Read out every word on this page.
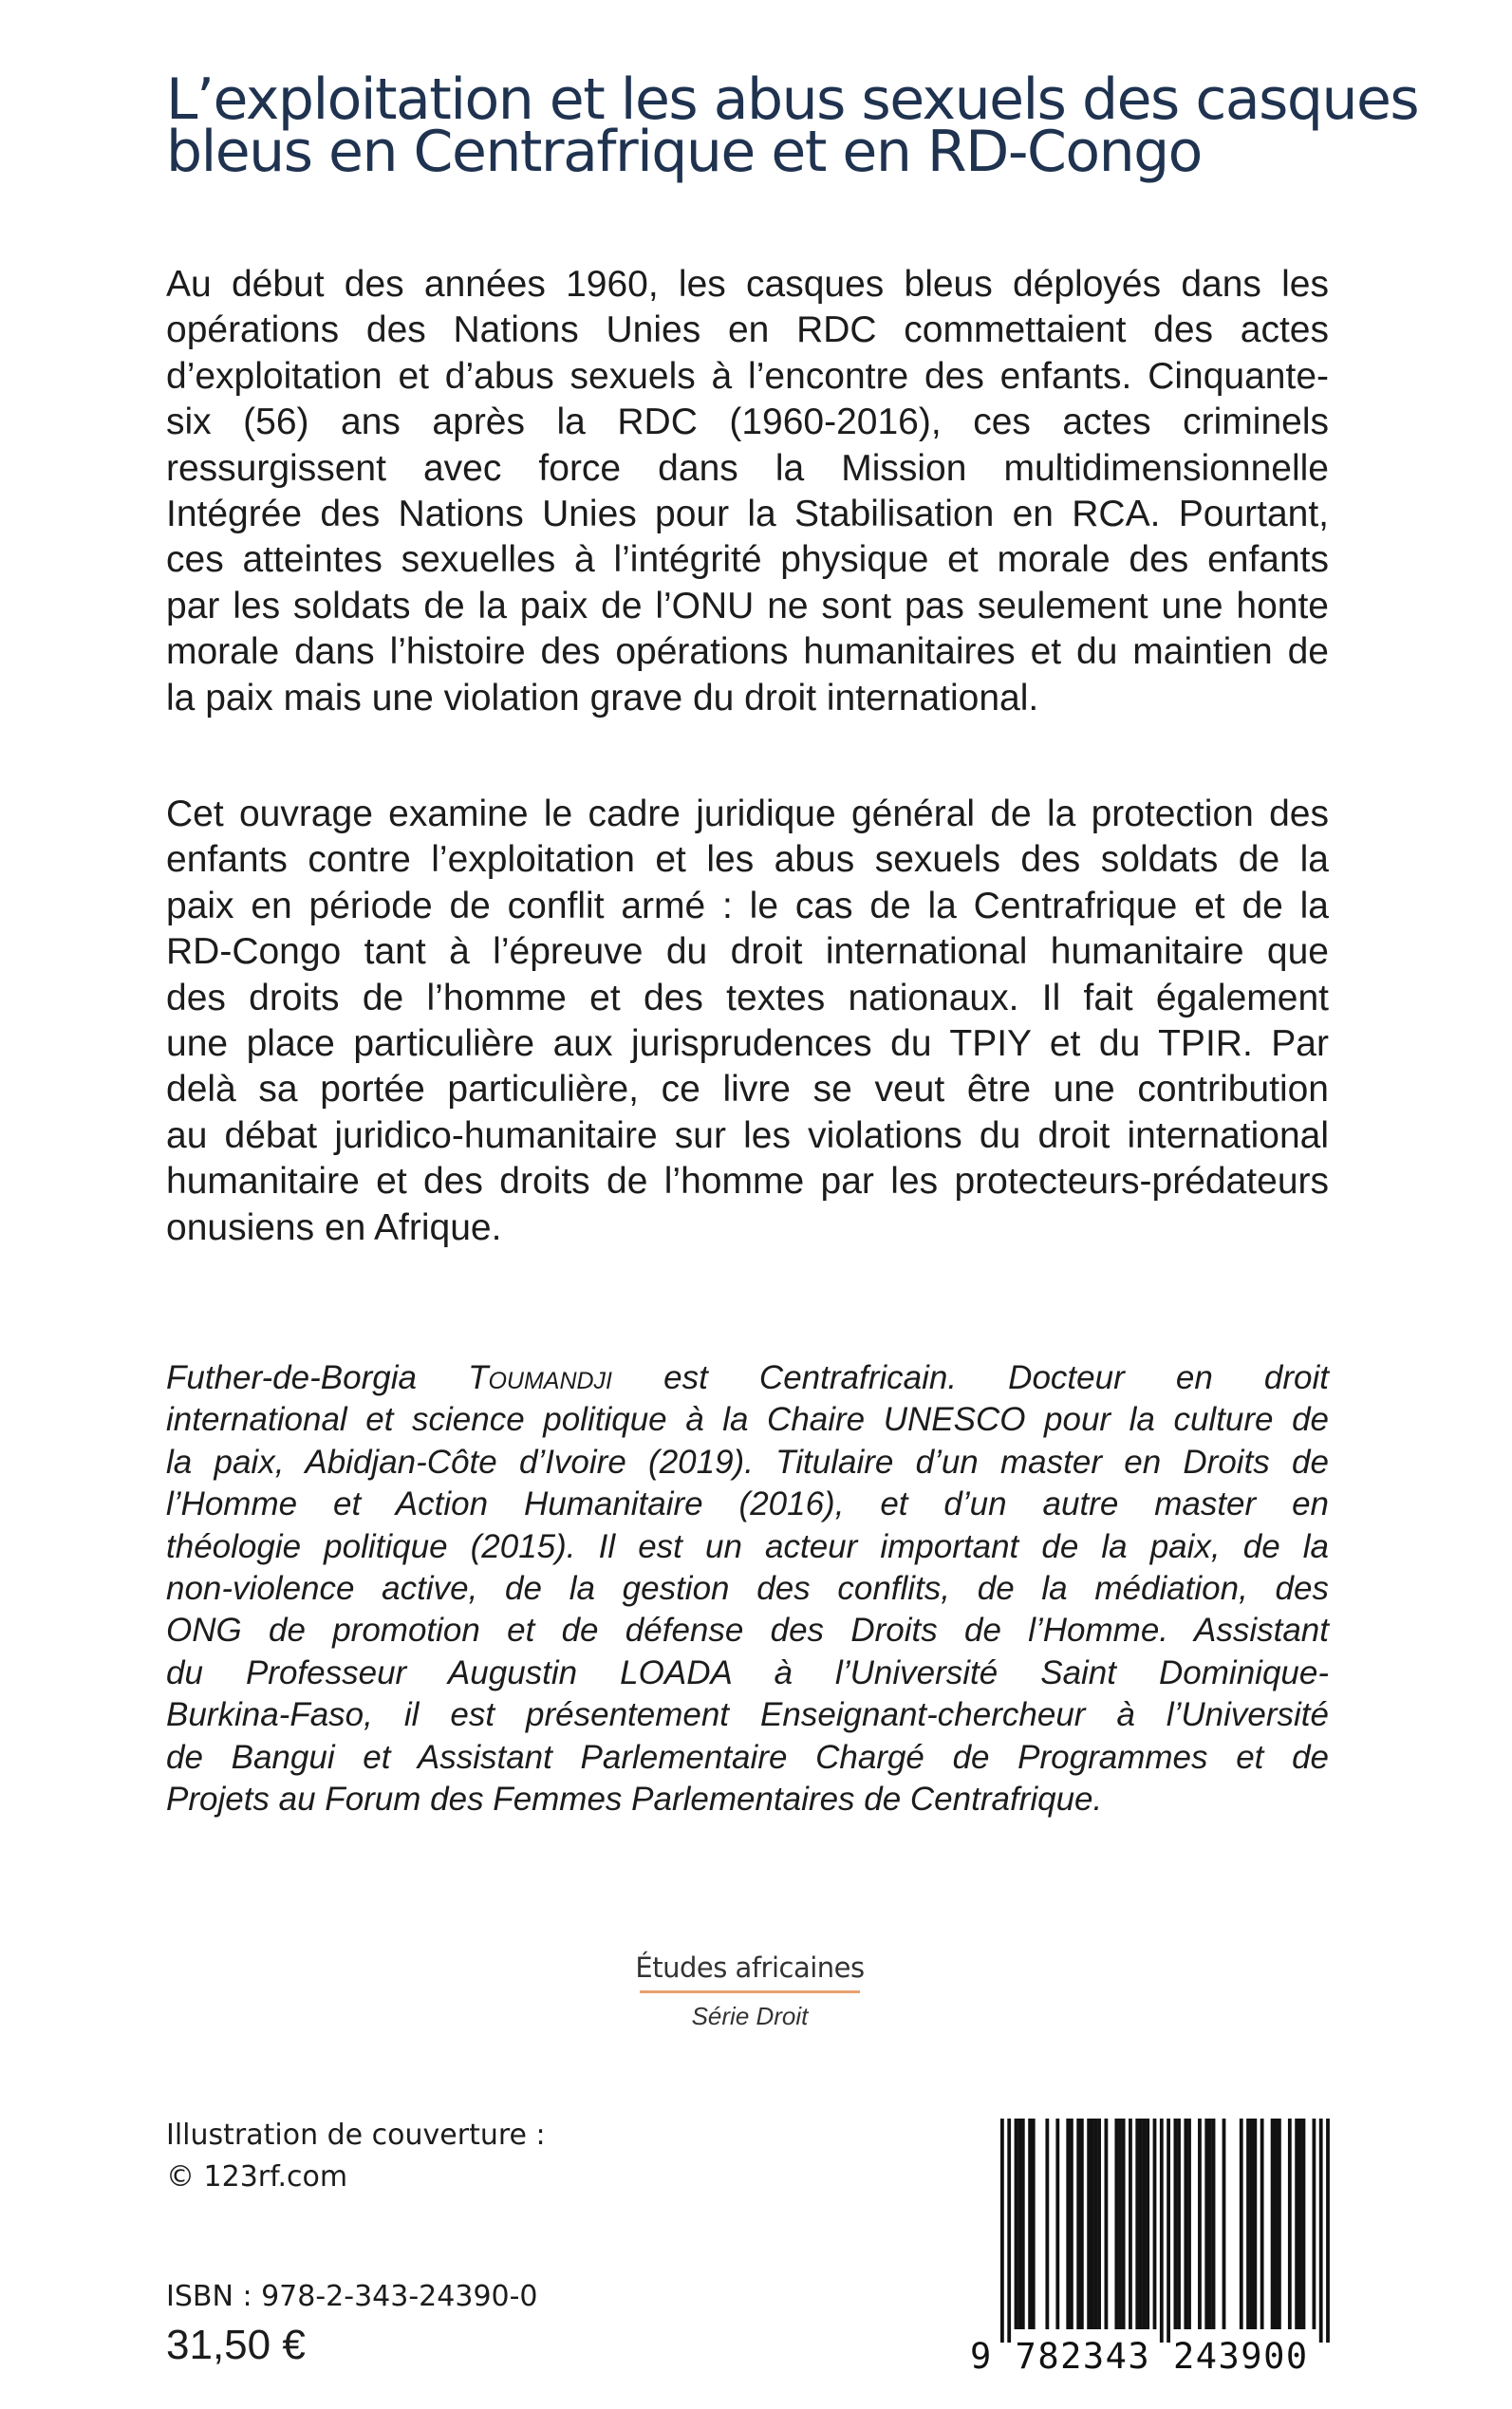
L’exploitation et les abus sexuels des casques
bleus en Centrafrique et en RD-Congo

Au début des années 1960, les casques bleus déployés dans les
opérations des Nations Unies en RDC commettaient des actes
d’exploitation et d’abus sexuels à l’encontre des enfants. Cinquante-
six (56) ans après la RDC (1960-2016), ces actes criminels
ressurgissent avec force dans la Mission multidimensionnelle
Intégrée des Nations Unies pour la Stabilisation en RCA. Pourtant,
ces atteintes sexuelles à l’intégrité physique et morale des enfants
par les soldats de la paix de l’ONU ne sont pas seulement une honte
morale dans l’histoire des opérations humanitaires et du maintien de
la paix mais une violation grave du droit international.

Cet ouvrage examine le cadre juridique général de la protection des
enfants contre l’exploitation et les abus sexuels des soldats de la
paix en période de conflit armé : le cas de la Centrafrique et de la
RD-Congo tant à l’épreuve du droit international humanitaire que
des droits de l’homme et des textes nationaux. Il fait également
une place particulière aux jurisprudences du TPIY et du TPIR. Par
delà sa portée particulière, ce livre se veut être une contribution
au débat juridico-humanitaire sur les violations du droit international
humanitaire et des droits de l’homme par les protecteurs-prédateurs
onusiens en Afrique.

Futher-de-Borgia Toumandji est Centrafricain. Docteur en droit
international et science politique à la Chaire UNESCO pour la culture de
la paix, Abidjan-Côte d’Ivoire (2019). Titulaire d’un master en Droits de
l’Homme et Action Humanitaire (2016), et d’un autre master en
théologie politique (2015). Il est un acteur important de la paix, de la
non-violence active, de la gestion des conflits, de la médiation, des
ONG de promotion et de défense des Droits de l’Homme. Assistant
du Professeur Augustin LOADA à l’Université Saint Dominique-
Burkina-Faso, il est présentement Enseignant-chercheur à l’Université
de Bangui et Assistant Parlementaire Chargé de Programmes et de
Projets au Forum des Femmes Parlementaires de Centrafrique.

Études africaines
Série Droit
Illustration de couverture :
© 123rf.com
ISBN : 978-2-343-24390-0
31,50 €	9 782343 243900
